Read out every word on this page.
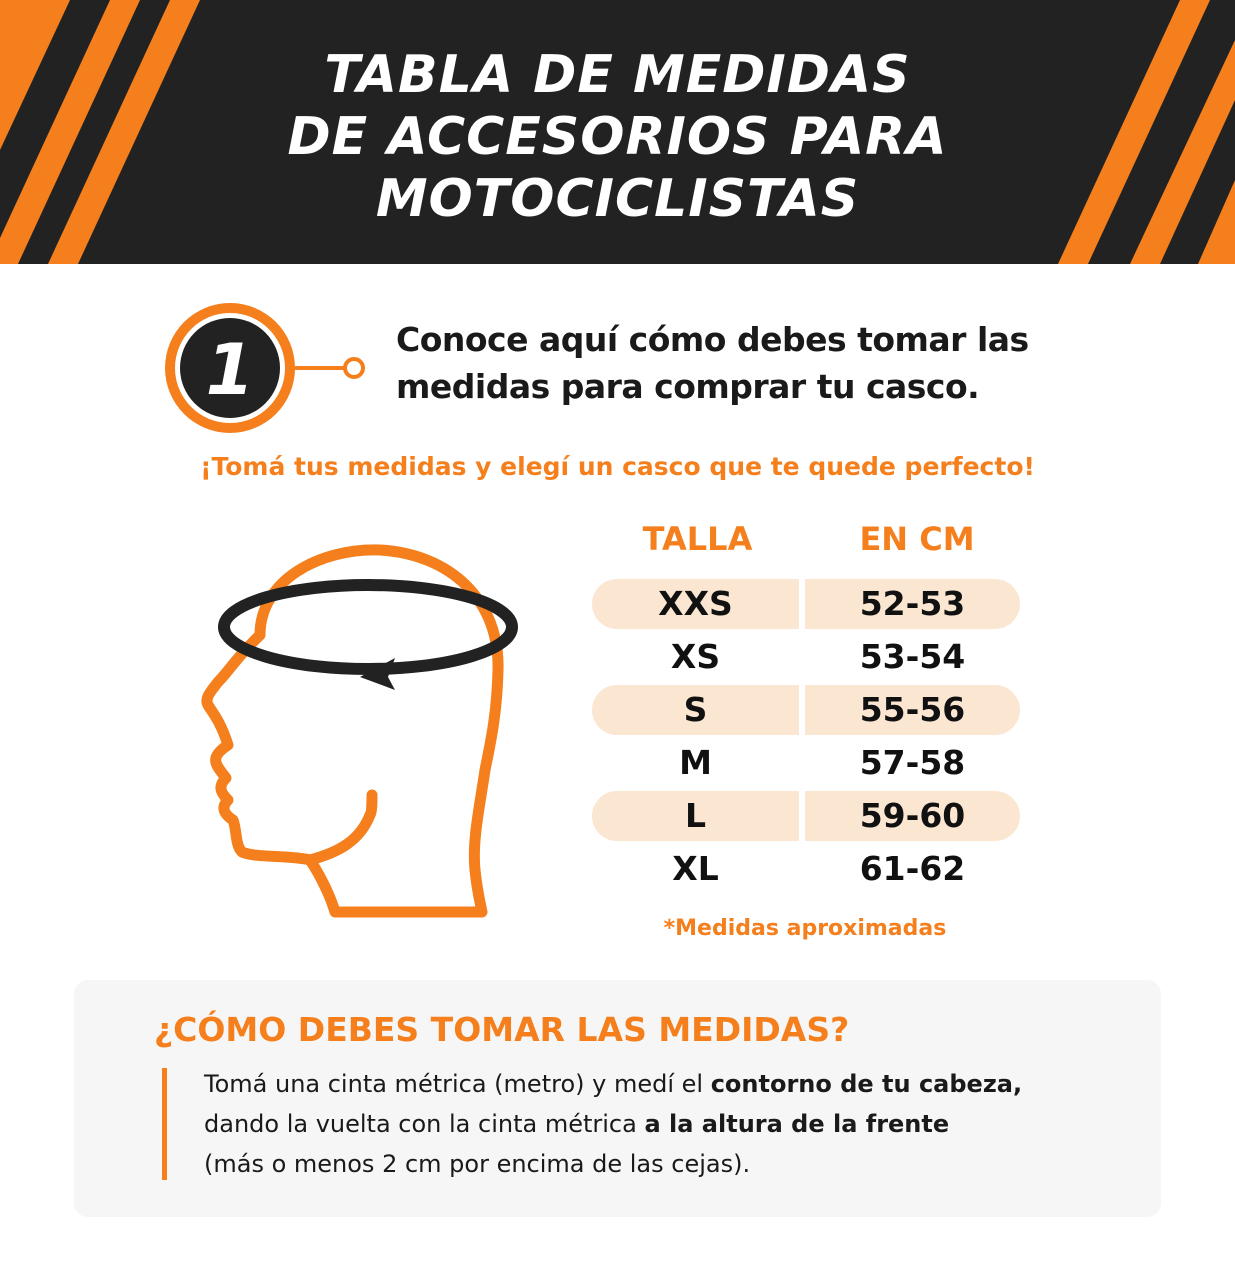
TABLA DE MEDIDAS
DE ACCESORIOS PARA
MOTOCICLISTAS
1	Conoce aquí cómo debes tomar las medidas para comprar tu casco.
¡Tomá tus medidas y elegí un casco que te quede perfecto!
TALLA	EN CM
XXS	52-53
XS	53-54
S	55-56
M	57-58
L	59-60
XL	61-62
*Medidas aproximadas
¿CÓMO DEBES TOMAR LAS MEDIDAS?
Tomá una cinta métrica (metro) y medí el contorno de tu cabeza,
dando la vuelta con la cinta métrica a la altura de la frente
(más o menos 2 cm por encima de las cejas).
